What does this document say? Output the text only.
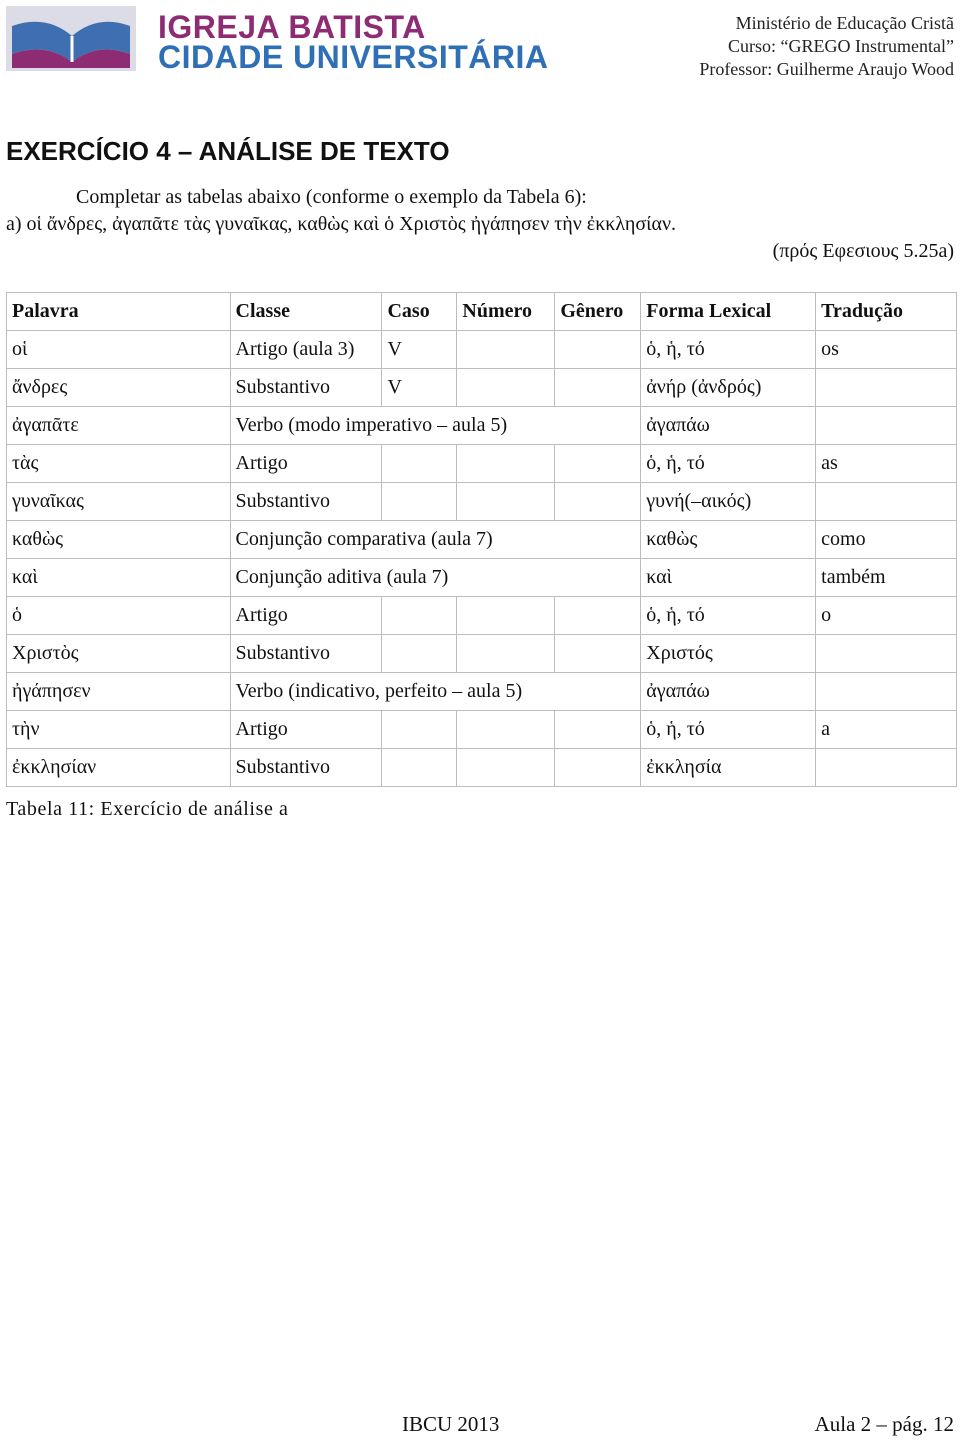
IGREJA BATISTA
CIDADE UNIVERSITÁRIA
Ministério de Educação Cristã
Curso: “GREGO Instrumental”
Professor: Guilherme Araujo Wood
EXERCÍCIO 4 – ANÁLISE DE TEXTO
Completar as tabelas abaixo (conforme o exemplo da Tabela 6):
a) οἱ ἄνδρες, ἀγαπᾶτε τὰς γυναῖκας, καθὼς καὶ ὁ Χριστὸς ἠγάπησεν τὴν ἐκκλησίαν.
(πρός Εφεσιους 5.25a)
Palavra	Classe	Caso	Número	Gênero	Forma Lexical	Tradução
οἱ	Artigo (aula 3)	V			ὁ, ἡ, τό	os
ἄνδρες	Substantivo	V			ἀνήρ (ἀνδρός)	
ἀγαπᾶτε	Verbo (modo imperativo – aula 5)				ἀγαπάω	
τὰς	Artigo				ὁ, ἡ, τό	as
γυναῖκας	Substantivo				γυνή(–αικός)	
καθὼς	Conjunção comparativa (aula 7)				καθὼς	como
καὶ	Conjunção aditiva (aula 7)				καὶ	também
ὁ	Artigo				ὁ, ἡ, τό	o
Χριστὸς	Substantivo				Χριστός	
ἠγάπησεν	Verbo (indicativo, perfeito – aula 5)				ἀγαπάω	
τὴν	Artigo				ὁ, ἡ, τό	a
ἐκκλησίαν	Substantivo				ἐκκλησία	
Tabela 11: Exercício de análise a
IBCU 2013	Aula 2 – pág. 12
